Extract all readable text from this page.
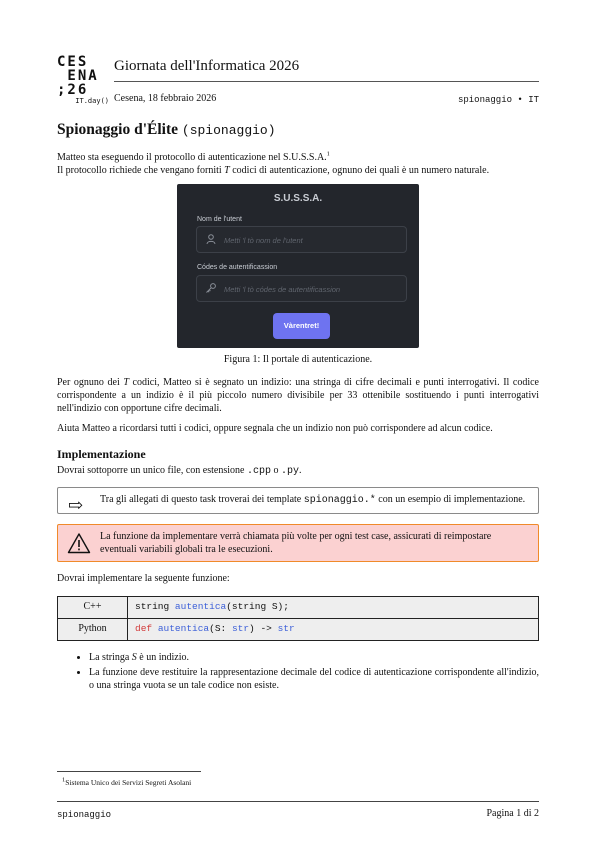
CES
ENA
;26
IT.day()
Giornata dell'Informatica 2026
Cesena, 18 febbraio 2026	spionaggio • IT
Spionaggio d'Élite (spionaggio)

Matteo sta eseguendo il protocollo di autenticazione nel S.U.S.S.A.$^1$
Il protocollo richiede che vengano forniti T codici di autenticazione, ognuno dei quali è un numero naturale.

S.U.S.S.A.
Nom de l'utent
Metti 'l tò nom de l'utent
Códes de autentificassion
Metti 'l tò códes de autentificassion
Vàrentret!
Figura 1: Il portale di autenticazione.

Per ognuno dei T codici, Matteo si è segnato un indizio: una stringa di cifre decimali e punti interrogativi. Il codice corrispondente a un indizio è il più piccolo numero divisibile per 33 ottenibile sostituendo i punti interrogativi nell'indizio con opportune cifre decimali.

Aiuta Matteo a ricordarsi tutti i codici, oppure segnala che un indizio non può corrispondere ad alcun codice.

Implementazione

Dovrai sottoporre un unico file, con estensione .cpp o .py.

⇨ Tra gli allegati di questo task troverai dei template spionaggio.* con un esempio di implementazione.
La funzione da implementare verrà chiamata più volte per ogni test case, assicurati di reimpostare eventuali variabili globali tra le esecuzioni.

Dovrai implementare la seguente funzione:

C++	string autentica(string S);
Python	def autentica(S: str) -> str
• La stringa S è un indizio.
• La funzione deve restituire la rappresentazione decimale del codice di autenticazione corrispondente all'indizio, o una stringa vuota se un tale codice non esiste.
$^1$Sistema Unico dei Servizi Segreti Asolani
spionaggio	Pagina 1 di 2
